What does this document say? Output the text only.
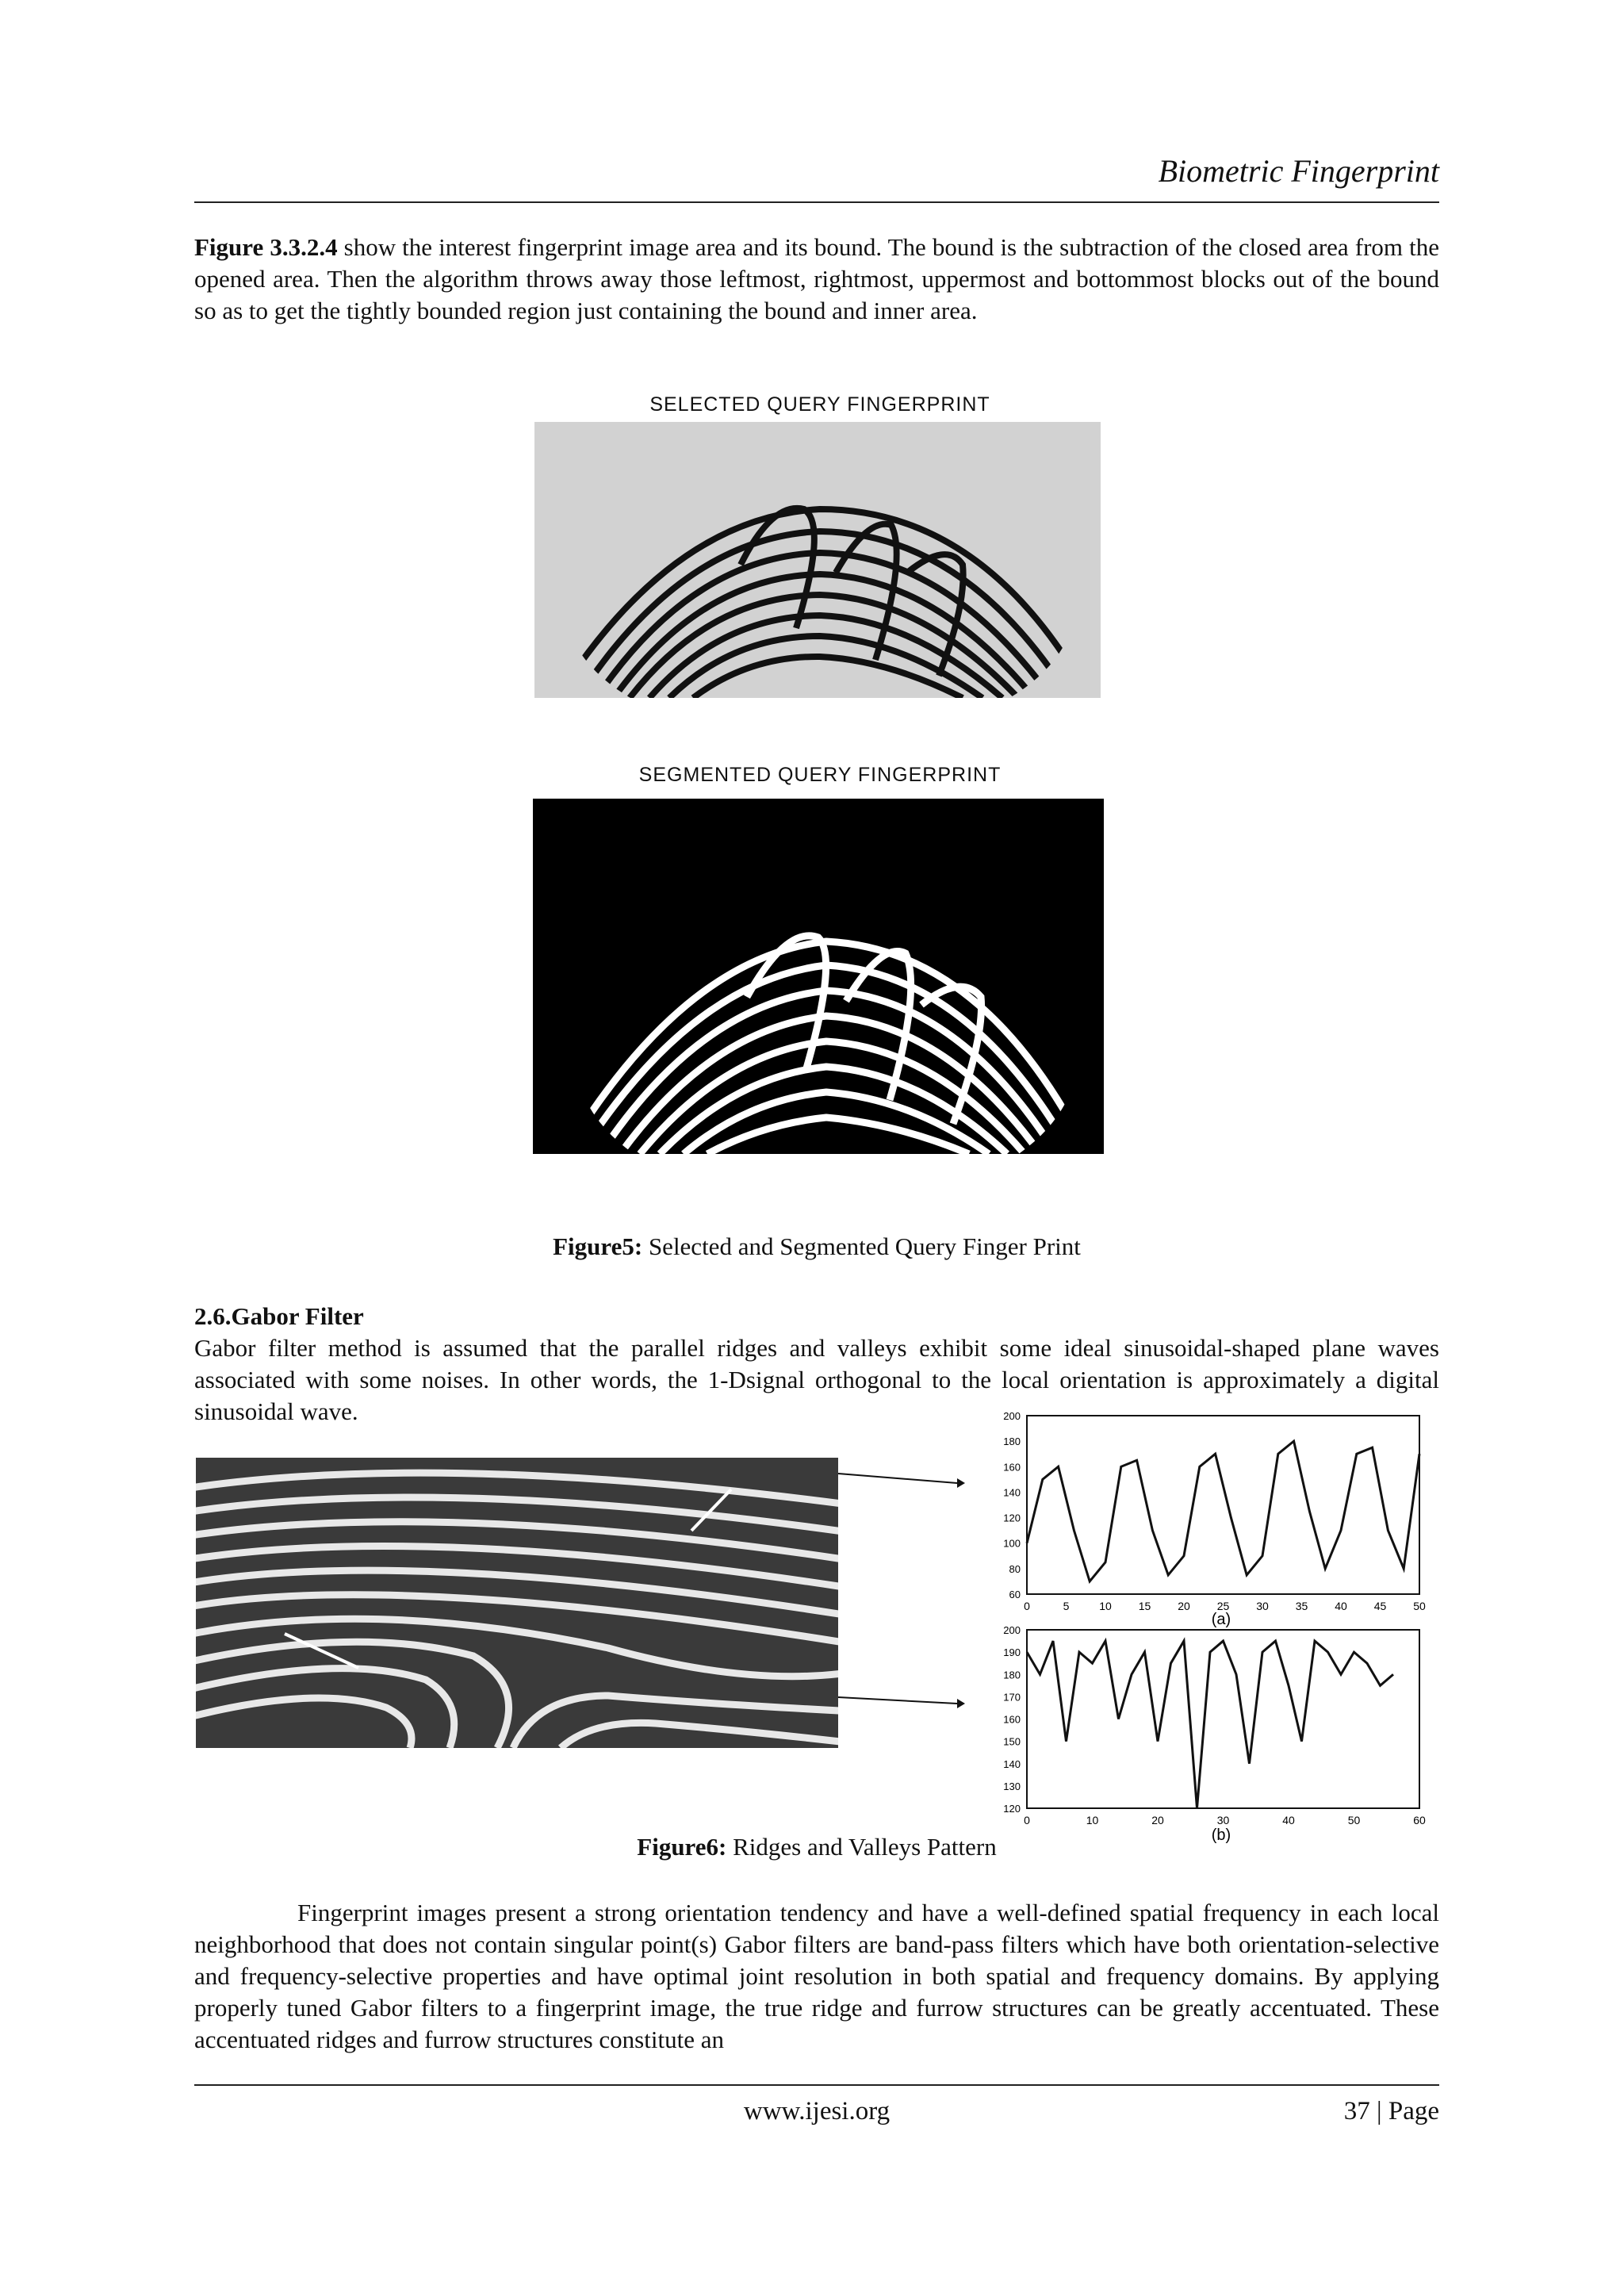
Biometric Fingerprint

Figure 3.3.2.4 show the interest fingerprint image area and its bound. The bound is the subtraction of the closed area from the opened area. Then the algorithm throws away those leftmost, rightmost, uppermost and bottommost blocks out of the bound so as to get the tightly bounded region just containing the bound and inner area.

SELECTED QUERY FINGERPRINT
SEGMENTED QUERY FINGERPRINT
Figure5: Selected and Segmented Query Finger Print
2.6.Gabor Filter

Gabor filter method is assumed that the parallel ridges and valleys exhibit some ideal sinusoidal-shaped plane waves associated with some noises. In other words, the 1-Dsignal orthogonal to the local orientation is approximately a digital sinusoidal wave.	200
180
160
140
120
100
80
60
0	5	10 15 20 25 30 35 40 45 50
(a)
200
190
180
170
160
150
140
130
120
0	10	20	30	40	50	60
(b)
Figure6: Ridges and Valleys Pattern

Fingerprint images present a strong orientation tendency and have a well-defined spatial frequency in each local neighborhood that does not contain singular point(s) Gabor filters are band-pass filters which have both orientation-selective and frequency-selective properties and have optimal joint resolution in both spatial and frequency domains. By applying properly tuned Gabor filters to a fingerprint image, the true ridge and furrow structures can be greatly accentuated. These accentuated ridges and furrow structures constitute an

www.ijesi.org	37 | Page
